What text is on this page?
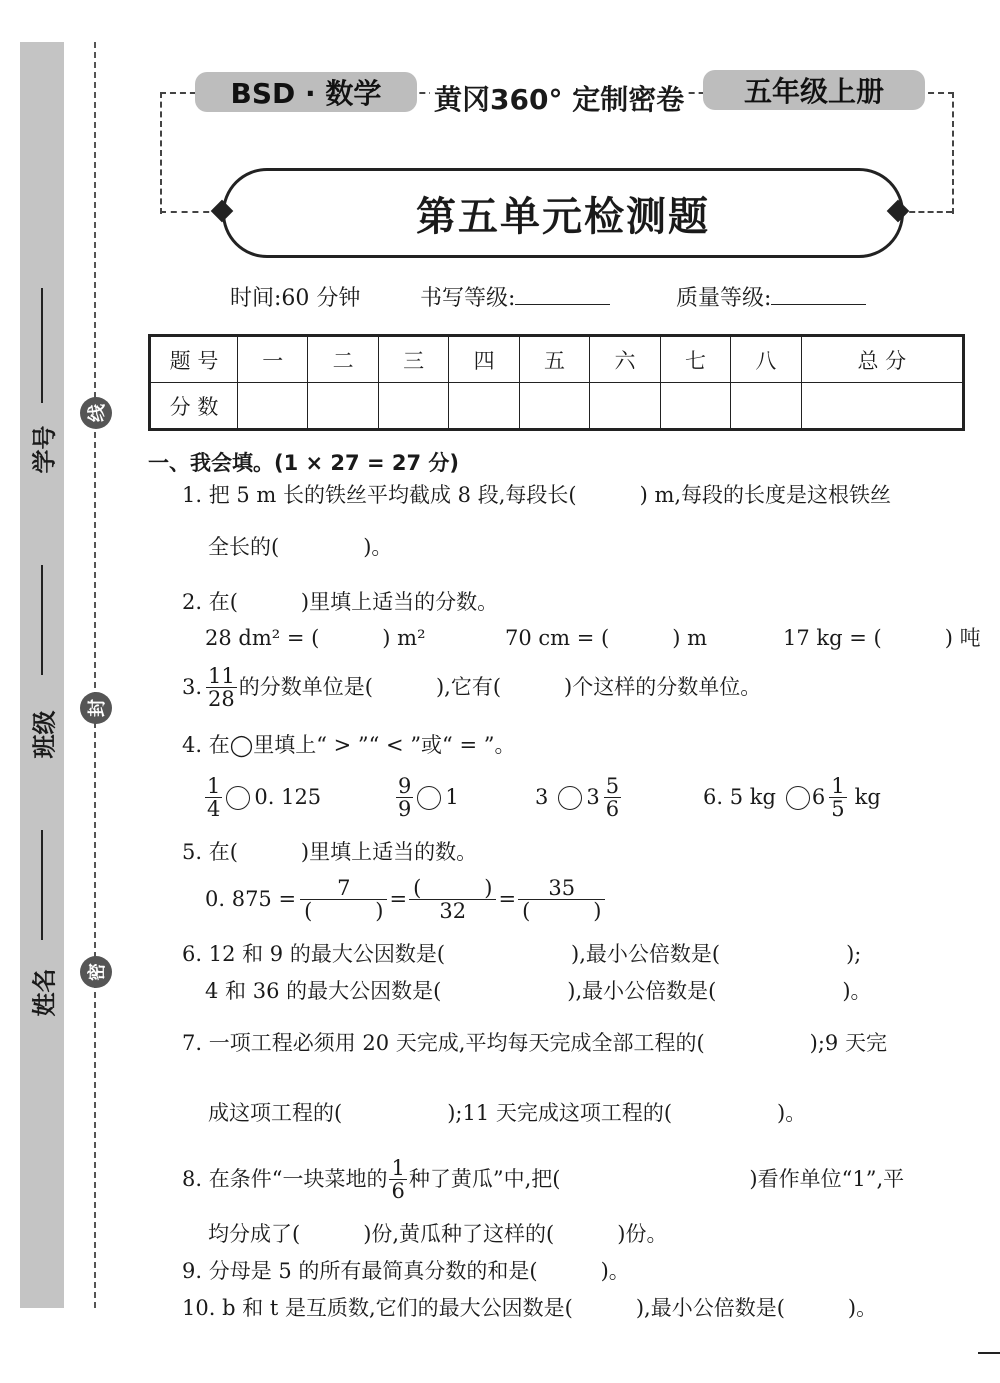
姓名
班级
学号
密
封
线
BSD · 数学	黄冈360° 定制密卷	五年级上册
第五单元检测题
时间:60 分钟	书写等级:	质量等级:
题 号	一	二	三	四	五	六	七	八	总 分
分 数									
一、我会填。(1 × 27 = 27 分)
1. 把 5 m 长的铁丝平均截成 8 段,每段长(　　　) m,每段的长度是这根铁丝
全长的(　　　　)。
2. 在(　　　)里填上适当的分数。
28 dm² = (　　　) m²	70 cm = (　　　) m	17 kg = (　　　) 吨
3. $\frac{11}{28}$ 的分数单位是(　　　),它有(　　　)个这样的分数单位。
4. 在◯里填上“ > ”“ < ”或“ = ”。
$\frac{1}{4} 0$. 125	$\frac{9}{9} 1$	3 $3 \frac{5}{6}$	6. 5 kg $6 \frac{1}{5}$ kg
5. 在(　　　)里填上适当的数。
0. $875 = \frac{7}{( )} = \frac{( )}{32} = \frac{35}{( )}$
6. 12 和 9 的最大公因数是(　　　　　　),最小公倍数是(　　　　　　);
4 和 36 的最大公因数是(　　　　　　),最小公倍数是(　　　　　　)。
7. 一项工程必须用 20 天完成,平均每天完成全部工程的(　　　　　);9 天完
成这项工程的(　　　　　);11 天完成这项工程的(　　　　　)。
8. 在条件“一块菜地的 $\frac{1}{6}$ 种了黄瓜”中,把(　　　　　　　　　)看作单位“1”,平
均分成了(　　　)份,黄瓜种了这样的(　　　)份。
9. 分母是 5 的所有最简真分数的和是(　　　)。
10. b 和 t 是互质数,它们的最大公因数是(　　　),最小公倍数是(　　　)。
